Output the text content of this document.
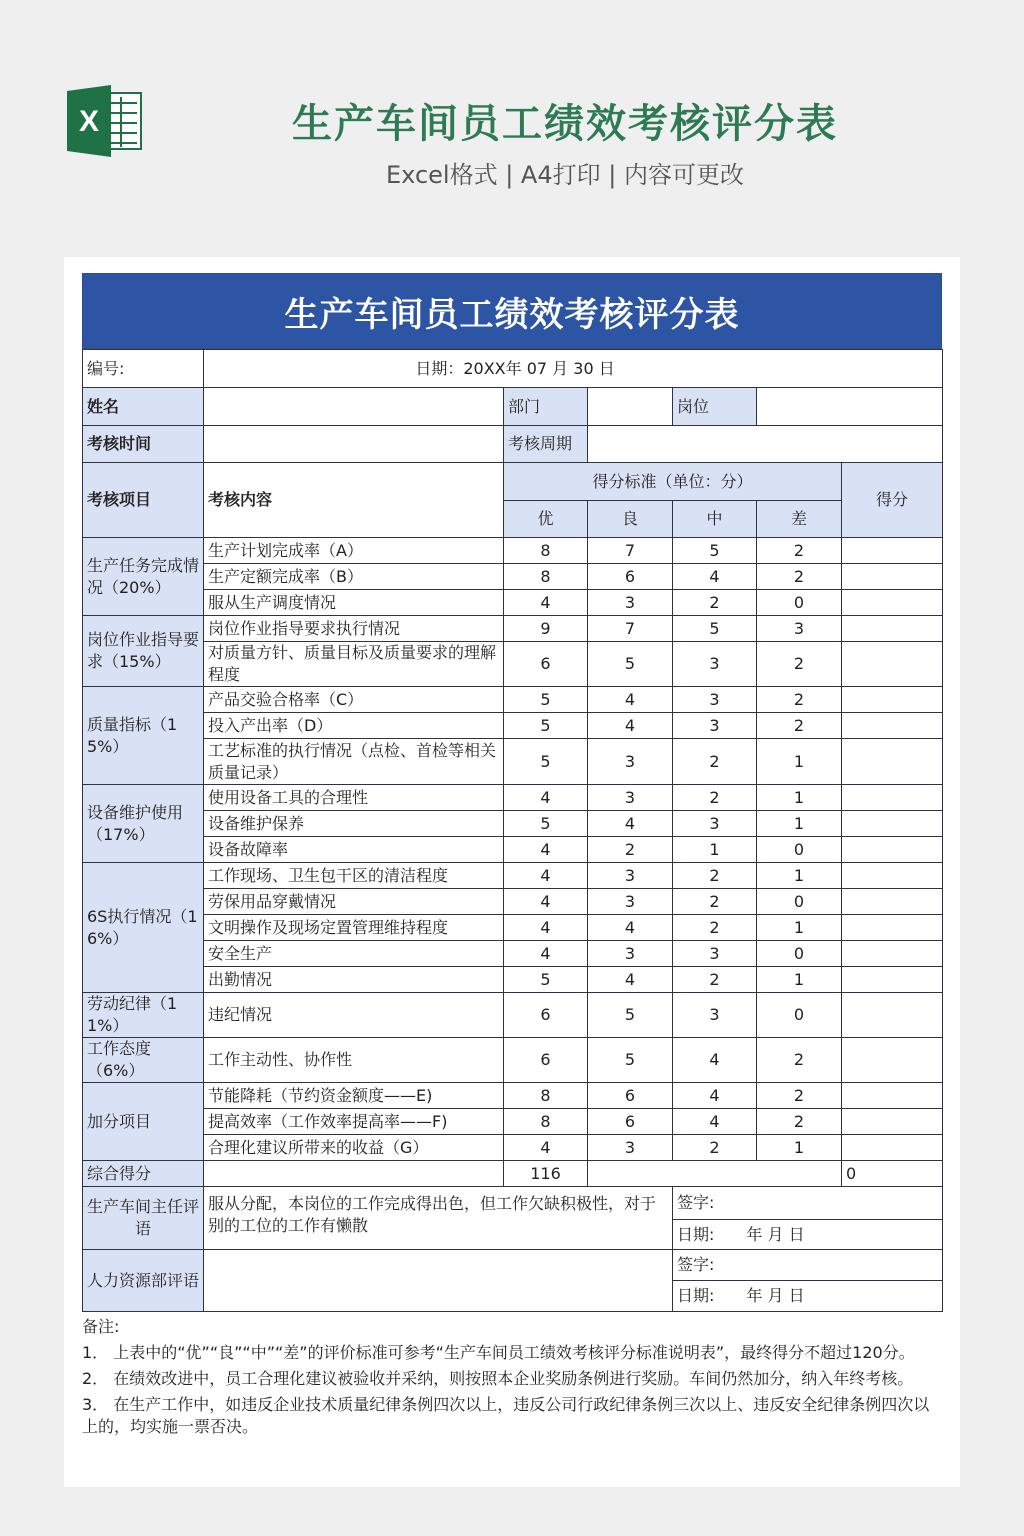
X	生产车间员工绩效考核评分表
Excel格式 | A4打印 | 内容可更改
生产车间员工绩效考核评分表
编号:	日期：20XX年 07 月 30 日					
姓名		部门		岗位		
考核时间		考核周期				
考核项目	考核内容	得分标准（单位：分）				得分
		优	良	中	差	
生产任务完成情况（20%）	生产计划完成率（A）	8	7	5	2	
	生产定额完成率（B）	8	6	4	2	
	服从生产调度情况	4	3	2	0	
岗位作业指导要求（15%）	岗位作业指导要求执行情况	9	7	5	3	
	对质量方针、质量目标及质量要求的理解程度	6	5	3	2	
质量指标（15%）	产品交验合格率（C）	5	4	3	2	
	投入产出率（D）	5	4	3	2	
	工艺标准的执行情况（点检、首检等相关质量记录）	5	3	2	1	
设备维护使用（17%）	使用设备工具的合理性	4	3	2	1	
	设备维护保养	5	4	3	1	
	设备故障率	4	2	1	0	
6S执行情况（16%）	工作现场、卫生包干区的清洁程度	4	3	2	1	
	劳保用品穿戴情况	4	3	2	0	
	文明操作及现场定置管理维持程度	4	4	2	1	
	安全生产	4	3	3	0	
	出勤情况	5	4	2	1	
劳动纪律（11%）	违纪情况	6	5	3	0	
工作态度（6%）	工作主动性、协作性	6	5	4	2	
加分项目	节能降耗（节约资金额度——E)	8	6	4	2	
	提高效率（工作效率提高率——F)	8	6	4	2	
	合理化建议所带来的收益（G）	4	3	2	1	
综合得分		116				0
生产车间主任评语	服从分配，本岗位的工作完成得出色，但工作欠缺积极性，对于别的工位的工作有懒散			签字:		
				日期:　　年 月 日		
人力资源部评语				签字:		
				日期:　　年 月 日		

备注:

1． 上表中的“优”“良”“中”“差”的评价标准可参考“生产车间员工绩效考核评分标准说明表”，最终得分不超过120分。

2． 在绩效改进中，员工合理化建议被验收并采纳，则按照本企业奖励条例进行奖励。车间仍然加分，纳入年终考核。

3． 在生产工作中，如违反企业技术质量纪律条例四次以上，违反公司行政纪律条例三次以上、违反安全纪律条例四次以上的，均实施一票否决。
